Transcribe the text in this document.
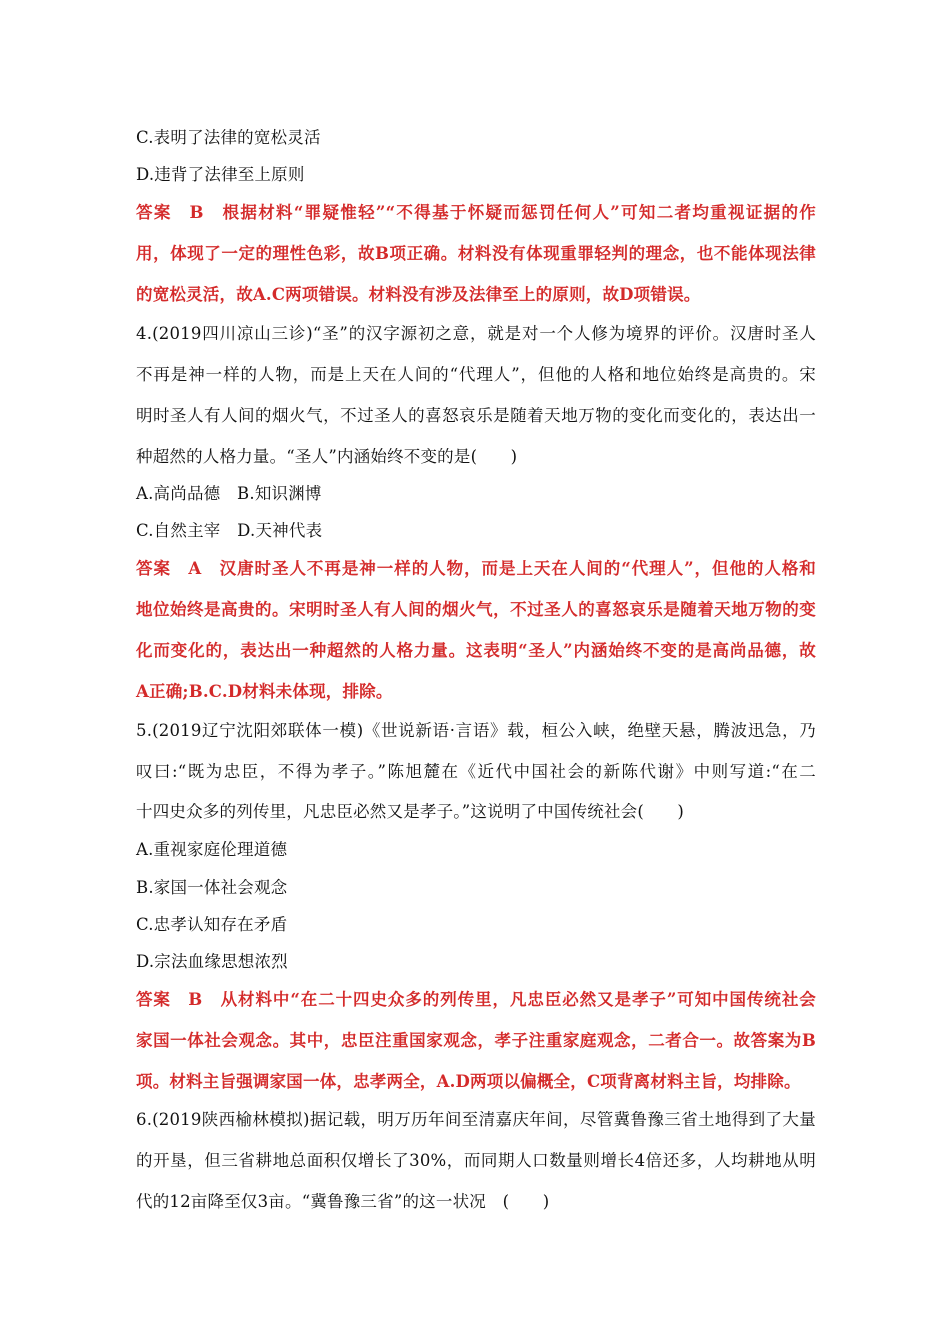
C.表明了法律的宽松灵活
D.违背了法律至上原则
答案　B　根据材料“罪疑惟轻”“不得基于怀疑而惩罚任何人”可知二者均重视证据的作
用，体现了一定的理性色彩，故B项正确。材料没有体现重罪轻判的理念，也不能体现法律
的宽松灵活，故A.C两项错误。材料没有涉及法律至上的原则，故D项错误。
4.(2019四川凉山三诊)“圣”的汉字源初之意，就是对一个人修为境界的评价。汉唐时圣人
不再是神一样的人物，而是上天在人间的“代理人”，但他的人格和地位始终是高贵的。宋
明时圣人有人间的烟火气，不过圣人的喜怒哀乐是随着天地万物的变化而变化的，表达出一
种超然的人格力量。“圣人”内涵始终不变的是(　　)
A.高尚品德　B.知识渊博
C.自然主宰　D.天神代表
答案　A　汉唐时圣人不再是神一样的人物，而是上天在人间的“代理人”，但他的人格和
地位始终是高贵的。宋明时圣人有人间的烟火气，不过圣人的喜怒哀乐是随着天地万物的变
化而变化的，表达出一种超然的人格力量。这表明“圣人”内涵始终不变的是高尚品德，故
A正确;B.C.D材料未体现，排除。
5.(2019辽宁沈阳郊联体一模)《世说新语·言语》载，桓公入峡，绝壁天悬，腾波迅急，乃
叹曰:“既为忠臣，不得为孝子。”陈旭麓在《近代中国社会的新陈代谢》中则写道:“在二
十四史众多的列传里，凡忠臣必然又是孝子。”这说明了中国传统社会(　　)
A.重视家庭伦理道德
B.家国一体社会观念
C.忠孝认知存在矛盾
D.宗法血缘思想浓烈
答案　B　从材料中“在二十四史众多的列传里，凡忠臣必然又是孝子”可知中国传统社会
家国一体社会观念。其中，忠臣注重国家观念，孝子注重家庭观念，二者合一。故答案为B
项。材料主旨强调家国一体，忠孝两全，A.D两项以偏概全，C项背离材料主旨，均排除。
6.(2019陕西榆林模拟)据记载，明万历年间至清嘉庆年间，尽管冀鲁豫三省土地得到了大量
的开垦，但三省耕地总面积仅增长了30%，而同期人口数量则增长4倍还多，人均耕地从明
代的12亩降至仅3亩。“冀鲁豫三省”的这一状况　(　　)
